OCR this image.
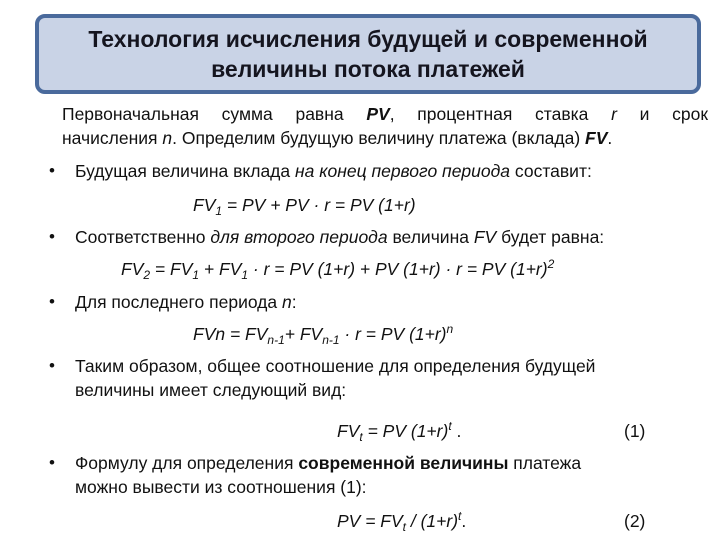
Технология исчисления будущей и современной
величины потока платежей
Первоначальная сумма равна PV, процентная ставка r и срок
начисления n. Определим будущую величину платежа (вклада) FV.
• Будущая величина вклада на конец первого периода составит:
$FV_1$ = PV + PV · r = PV (1+r)
• Соответственно для второго периода величина FV будет равна:
$FV_2 = FV_1 + FV_1 \cdot r$ = PV (1+r) + PV (1+r) · r = PV $(1+r)^2$
• Для последнего периода n:
FVn = $FV_{n-1}+ FV_{n-1} \cdot r$ = PV $(1+r)^n$
• Таким образом, общее соотношение для определения будущей
величины имеет следующий вид:
$FV_t$ = PV $(1+r)^t$ .	(1)
• Формулу для определения современной величины платежа
можно вывести из соотношения (1):
PV = $FV_t / (1+r)^t$.	(2)
